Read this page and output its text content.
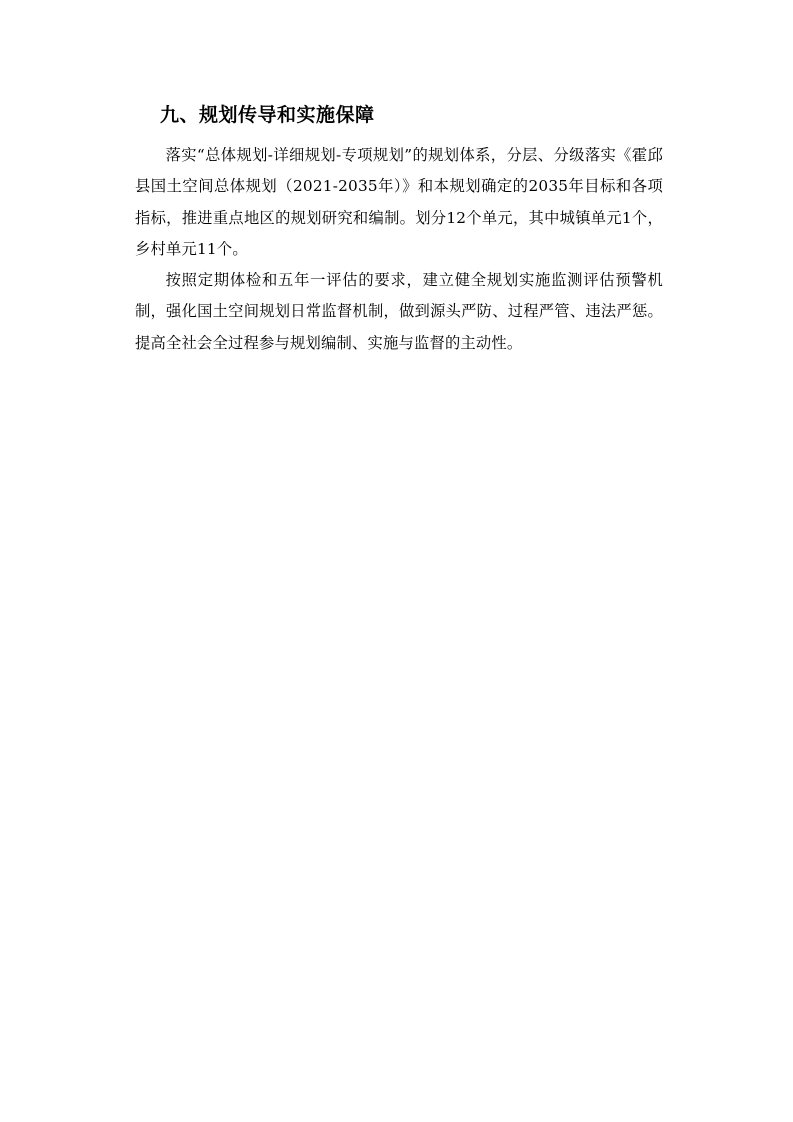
九、规划传导和实施保障

落实“总体规划-详细规划-专项规划”的规划体系，分层、分级落实《霍邱县国土空间总体规划（2021-2035年）》和本规划确定的2035年目标和各项指标，推进重点地区的规划研究和编制。划分12个单元，其中城镇单元1个，乡村单元11个。

按照定期体检和五年一评估的要求，建立健全规划实施监测评估预警机制，强化国土空间规划日常监督机制，做到源头严防、过程严管、违法严惩。提高全社会全过程参与规划编制、实施与监督的主动性。
